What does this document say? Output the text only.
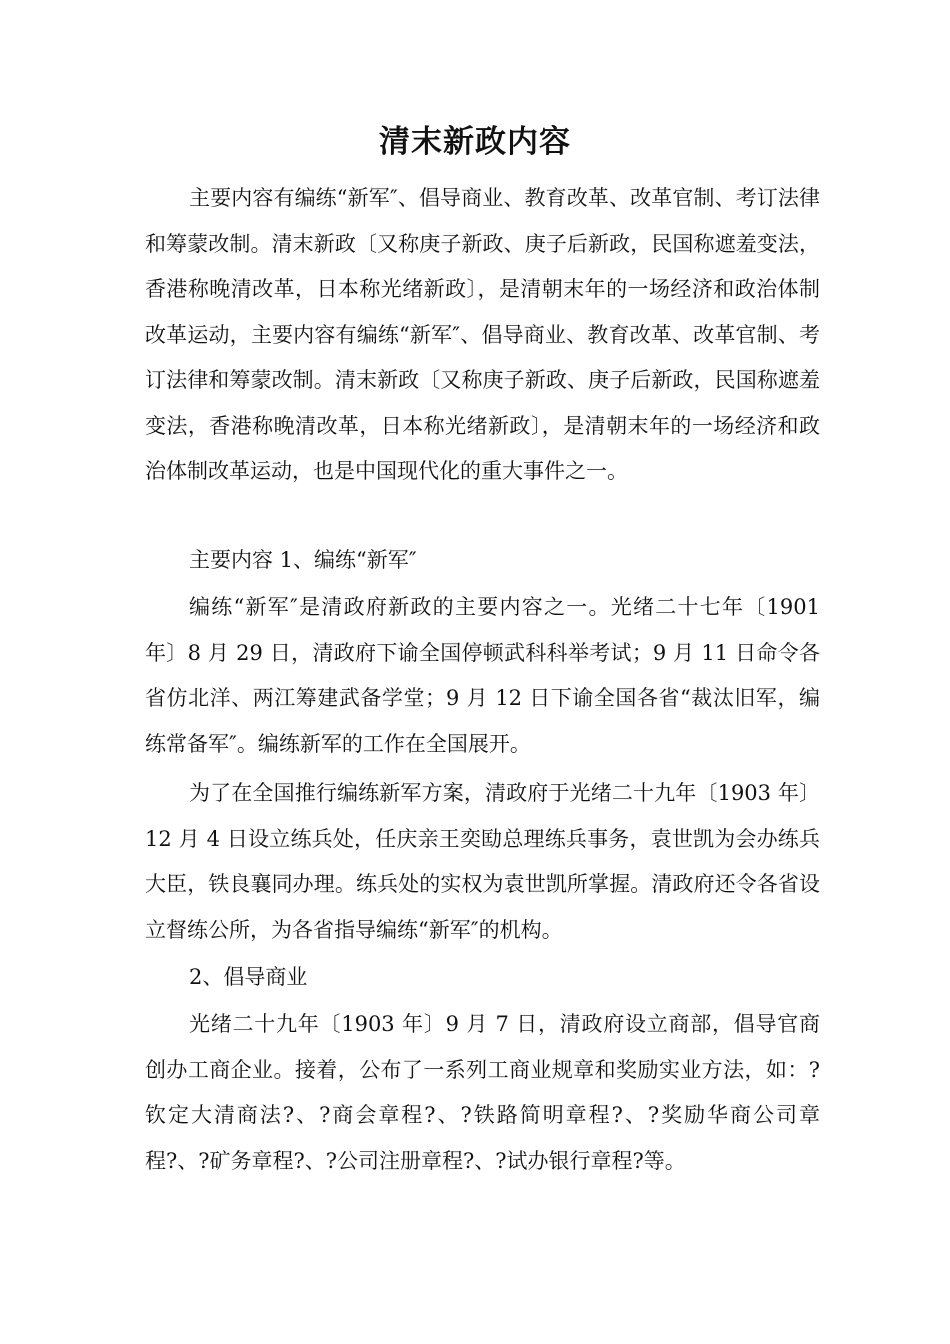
清末新政内容
主要内容有编练“新军″、倡导商业、教育改革、改革官制、考订法律和筹蒙改制。清末新政〔又称庚子新政、庚子后新政，民国称遮羞变法，香港称晚清改革，日本称光绪新政〕，是清朝末年的一场经济和政治体制改革运动，主要内容有编练“新军″、倡导商业、教育改革、改革官制、考订法律和筹蒙改制。清末新政〔又称庚子新政、庚子后新政，民国称遮羞变法，香港称晚清改革，日本称光绪新政〕，是清朝末年的一场经济和政治体制改革运动，也是中国现代化的重大事件之一。
主要内容 1、编练“新军″
编练“新军″是清政府新政的主要内容之一。光绪二十七年〔1901 年〕8 月 29 日，清政府下谕全国停顿武科科举考试；9 月 11 日命令各省仿北洋、两江筹建武备学堂；9 月 12 日下谕全国各省“裁汰旧军，编练常备军″。编练新军的工作在全国展开。
为了在全国推行编练新军方案，清政府于光绪二十九年〔1903 年〕12 月 4 日设立练兵处，任庆亲王奕劻总理练兵事务，袁世凯为会办练兵大臣，铁良襄同办理。练兵处的实权为袁世凯所掌握。清政府还令各省设立督练公所，为各省指导编练“新军″的机构。
2、倡导商业
光绪二十九年〔1903 年〕9 月 7 日，清政府设立商部，倡导官商创办工商企业。接着，公布了一系列工商业规章和奖励实业方法，如：?钦定大清商法?、?商会章程?、?铁路简明章程?、?奖励华商公司章程?、?矿务章程?、?公司注册章程?、?试办银行章程?等。
